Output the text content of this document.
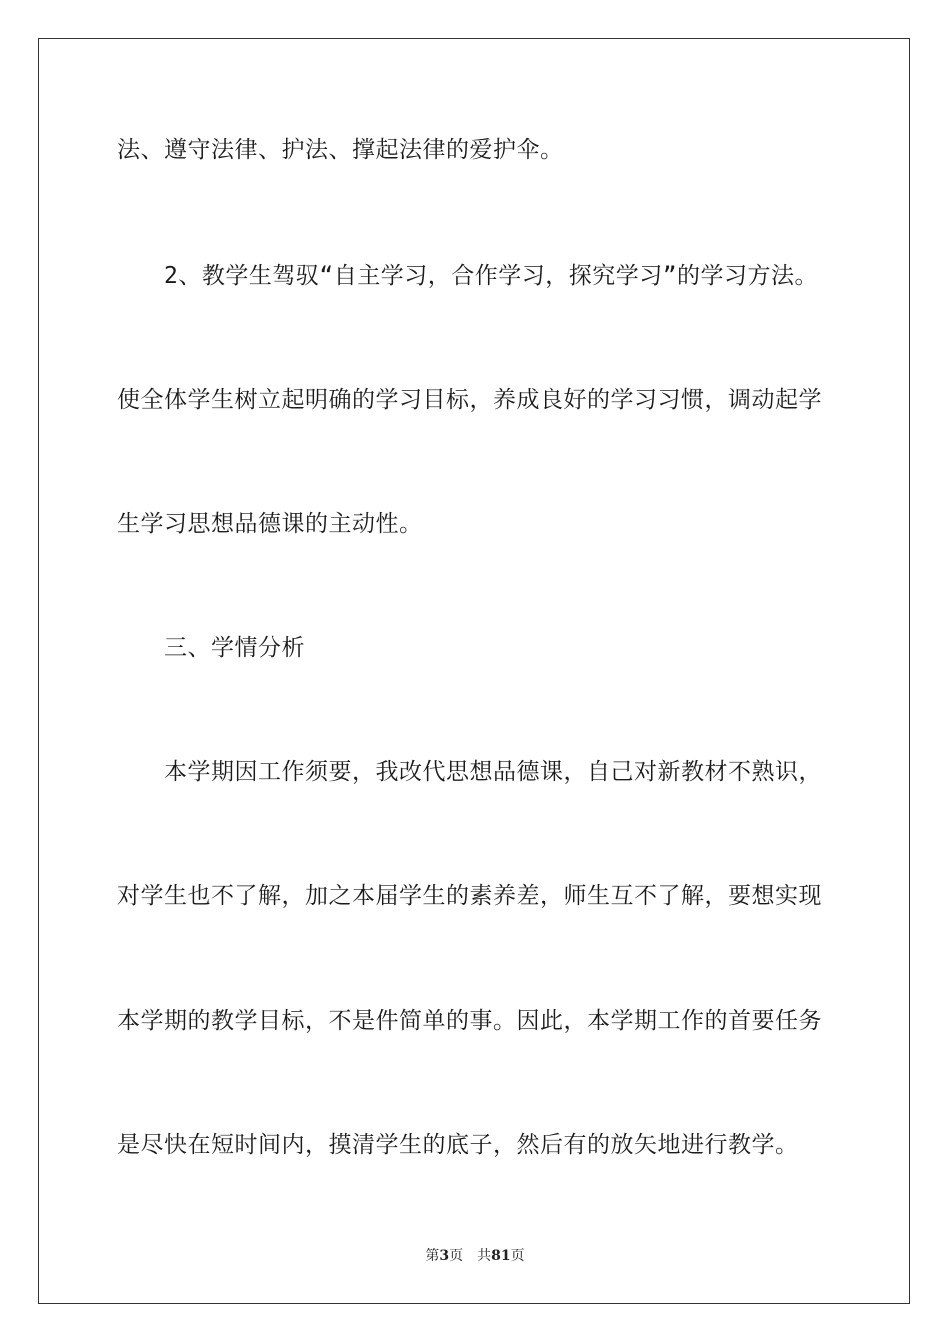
法、遵守法律、护法、撑起法律的爱护伞。
2、教学生驾驭“自主学习，合作学习，探究学习”的学习方法。
使全体学生树立起明确的学习目标，养成良好的学习习惯，调动起学
生学习思想品德课的主动性。
三、学情分析
本学期因工作须要，我改代思想品德课，自己对新教材不熟识，
对学生也不了解，加之本届学生的素养差，师生互不了解，要想实现
本学期的教学目标，不是件简单的事。因此，本学期工作的首要任务
是尽快在短时间内，摸清学生的底子，然后有的放矢地进行教学。
第3页 共81页
